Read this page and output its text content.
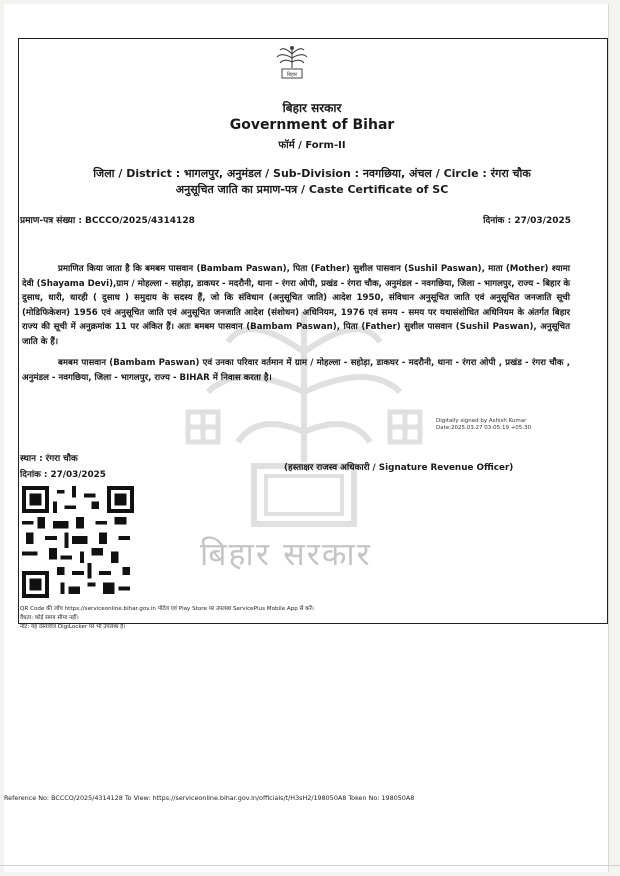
बिहार
बिहार सरकार
Government of Bihar
फॉर्म / Form-II
जिला / District : भागलपुर, अनुमंडल / Sub-Division : नवगछिया, अंचल / Circle : रंगरा चौक
अनुसूचित जाति का प्रमाण-पत्र / Caste Certificate of SC
प्रमाण-पत्र संख्या : BCCCO/2025/4314128	दिनांक : 27/03/2025
प्रमाणित किया जाता है कि बमबम पासवान (Bambam Paswan), पिता (Father) सुशील पासवान (Sushil Paswan), माता (Mother) श्यामा देवी (Shayama Devi),ग्राम / मोहल्ला - सहोड़ा, डाकघर - मदरौनी, थाना - रंगरा ओपी, प्रखंड - रंगरा चौक, अनुमंडल - नवगछिया, जिला - भागलपुर, राज्य - बिहार के दुसाध, धारी, धारही ( दुसाध ) समुदाय के सदस्य हैं, जो कि संविधान (अनुसूचित जाति) आदेश 1950, संविधान अनुसूचित जाति एवं अनुसूचित जनजाति सूची (मोडिफिकेशन) 1956 एवं अनुसूचित जाति एवं अनुसूचित जनजाति आदेश (संशोधन) अधिनियम, 1976 एवं समय - समय पर यथासंशोधित अधिनियम के अंतर्गत बिहार राज्य की सूची में अनुक्रमांक 11 पर अंकित हैं। अतः बमबम पासवान (Bambam Paswan), पिता (Father) सुशील पासवान (Sushil Paswan), अनुसूचित जाति के हैं।
बमबम पासवान (Bambam Paswan) एवं उनका परिवार वर्तमान में ग्राम / मोहल्ला - सहोड़ा, डाकघर - मदरौनी, थाना - रंगरा ओपी , प्रखंड - रंगरा चौक , अनुमंडल - नवगछिया, जिला - भागलपुर, राज्य - BIHAR में निवास करता है।
Digitally signed by Ashish Kumar
Date:2025.03.27 03:05:19 +05:30
स्थान : रंगरा चौक
दिनांक : 27/03/2025
(हस्ताक्षर राजस्व अधिकारी / Signature Revenue Officer)
बिहार सरकार
QR Code की जाँच https://serviceonline.bihar.gov.in पोर्टल एवं Play Store पर उपलब्ध ServicePlus Mobile App से करें।
वैधता: कोई समय सीमा नहीं।
नोट: यह दस्तावेज DigiLocker पर भी उपलब्ध है।
Reference No: BCCCO/2025/4314128 To View: https://serviceonline.bihar.gov.in/officials/t/H3sH2/198050A8 Token No: 198050A8
